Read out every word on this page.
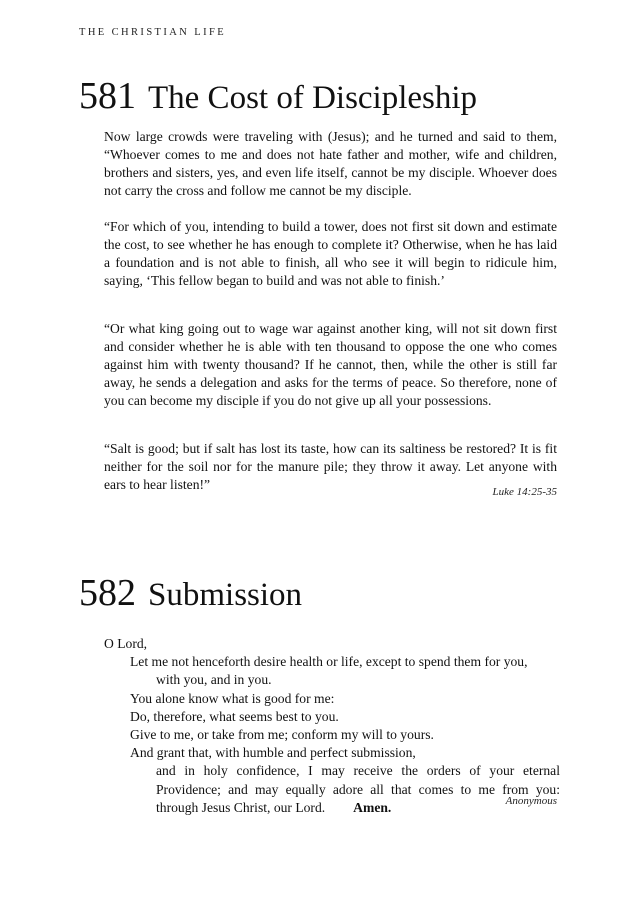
THE CHRISTIAN LIFE
581 The Cost of Discipleship

Now large crowds were traveling with (Jesus); and he turned and said to them, “Whoever comes to me and does not hate father and mother, wife and children, brothers and sisters, yes, and even life itself, cannot be my disciple. Whoever does not carry the cross and follow me cannot be my disciple.

“For which of you, intending to build a tower, does not first sit down and estimate the cost, to see whether he has enough to complete it? Otherwise, when he has laid a foundation and is not able to finish, all who see it will begin to ridicule him, saying, ‘This fellow began to build and was not able to finish.’

“Or what king going out to wage war against another king, will not sit down first and consider whether he is able with ten thousand to oppose the one who comes against him with twenty thousand? If he cannot, then, while the other is still far away, he sends a delegation and asks for the terms of peace. So therefore, none of you can become my disciple if you do not give up all your possessions.

“Salt is good; but if salt has lost its taste, how can its saltiness be restored? It is fit neither for the soil nor for the manure pile; they throw it away. Let anyone with ears to hear listen!”	Luke 14:25-35
582 Submission
O Lord,
Let me not henceforth desire health or life, except to spend them for you,
with you, and in you.
You alone know what is good for me:
Do, therefore, what seems best to you.
Give to me, or take from me; conform my will to yours.
And grant that, with humble and perfect submission,
and in holy confidence, I may receive the orders of your eternal
Providence; and may equally adore all that comes to me from you:
through Jesus Christ, our Lord. Amen.	Anonymous
